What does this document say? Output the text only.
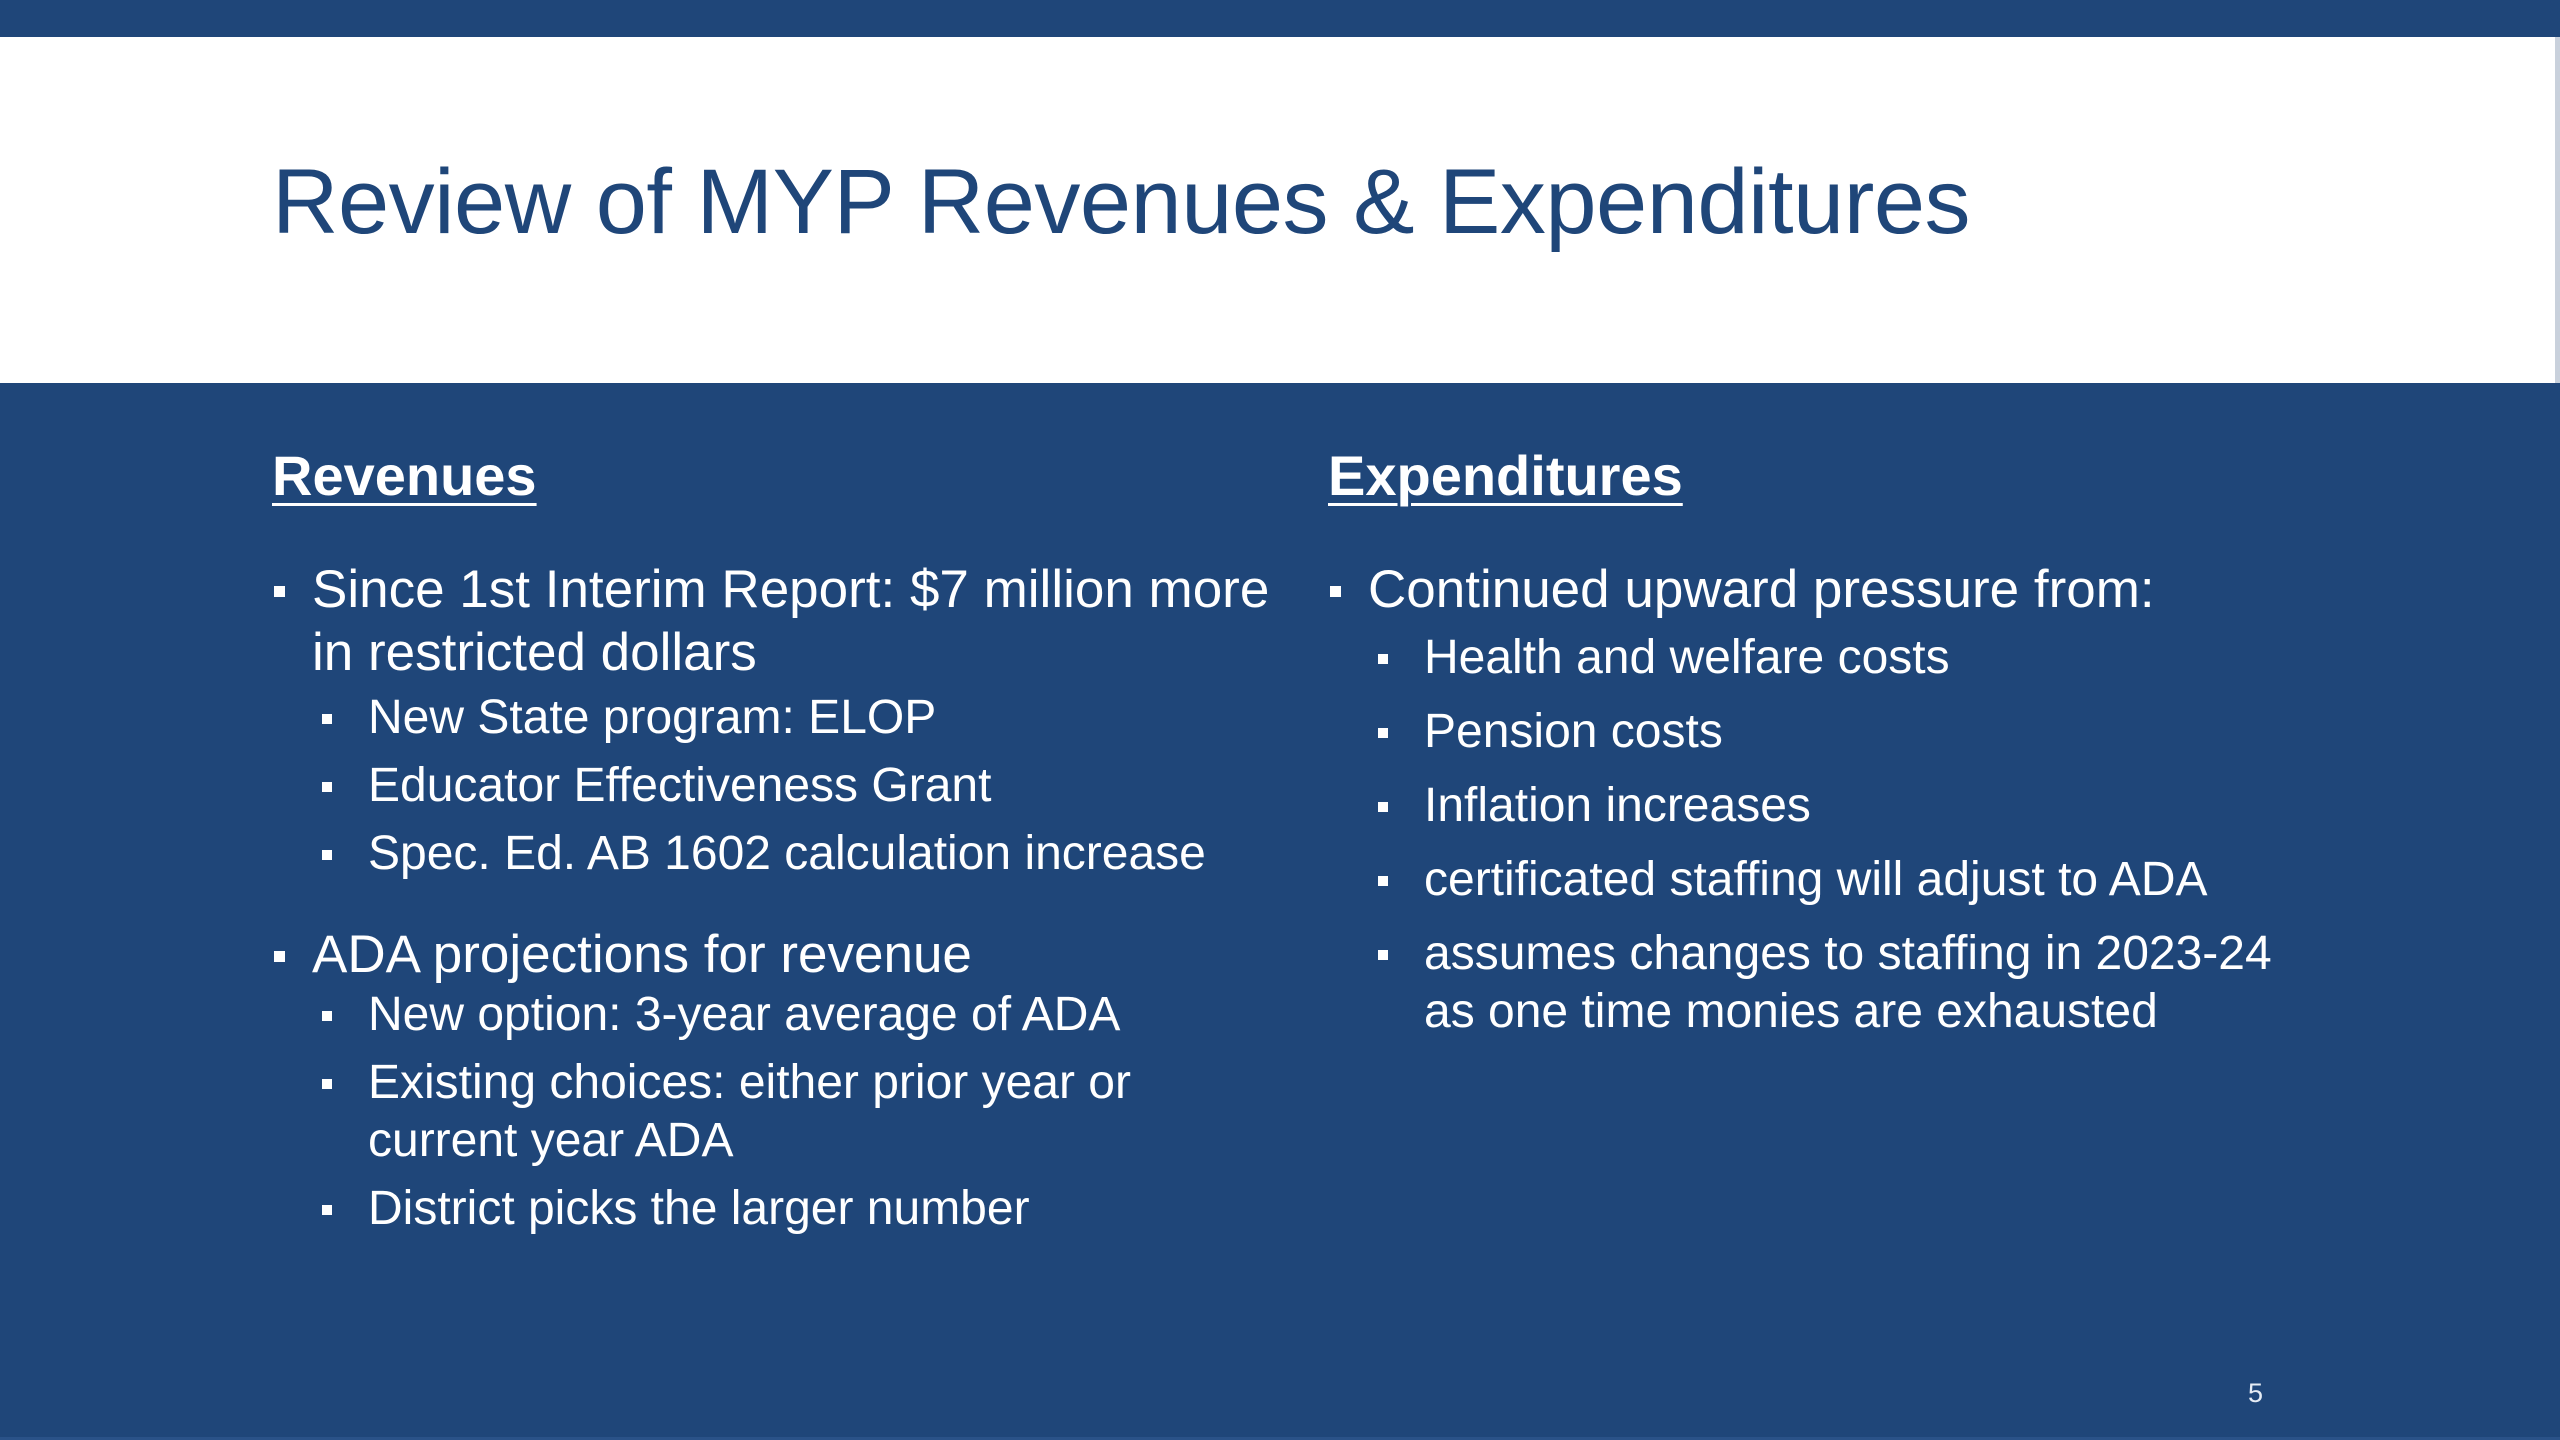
Review of MYP Revenues & Expenditures
Revenues
Since 1st Interim Report: $7 million more in restricted dollars
New State program: ELOP
Educator Effectiveness Grant
Spec. Ed. AB 1602 calculation increase
ADA projections for revenue
New option: 3-year average of ADA
Existing choices: either prior year or current year ADA
District picks the larger number
Expenditures
Continued upward pressure from:
Health and welfare costs
Pension costs
Inflation increases
certificated staffing will adjust to ADA
assumes changes to staffing in 2023-24 as one time monies are exhausted
5
